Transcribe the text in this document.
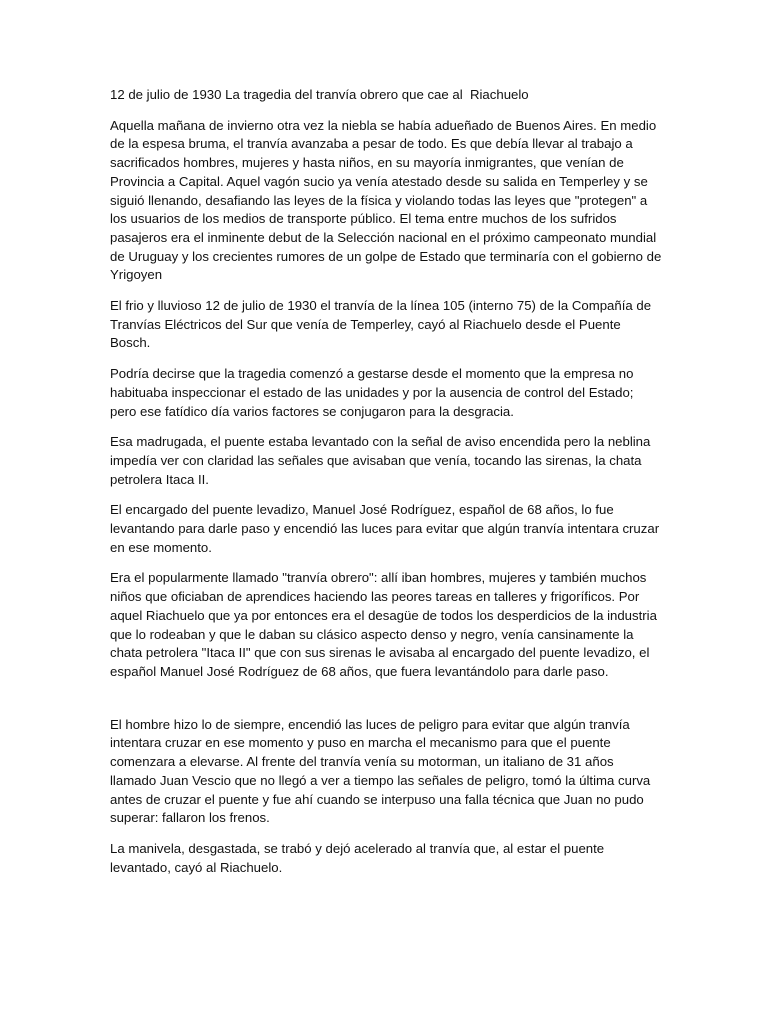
12 de julio de 1930 La tragedia del tranvía obrero que cae al  Riachuelo

Aquella mañana de invierno otra vez la niebla se había adueñado de Buenos Aires. En medio de la espesa bruma, el tranvía avanzaba a pesar de todo. Es que debía llevar al trabajo a sacrificados hombres, mujeres y hasta niños, en su mayoría inmigrantes, que venían de Provincia a Capital. Aquel vagón sucio ya venía atestado desde su salida en Temperley y se siguió llenando, desafiando las leyes de la física y violando todas las leyes que "protegen" a los usuarios de los medios de transporte público. El tema entre muchos de los sufridos pasajeros era el inminente debut de la Selección nacional en el próximo campeonato mundial de Uruguay y los crecientes rumores de un golpe de Estado que terminaría con el gobierno de Yrigoyen

El frio y lluvioso 12 de julio de 1930 el tranvía de la línea 105 (interno 75) de la Compañía de Tranvías Eléctricos del Sur que venía de Temperley, cayó al Riachuelo desde el Puente Bosch.

Podría decirse que la tragedia comenzó a gestarse desde el momento que la empresa no habituaba inspeccionar el estado de las unidades y por la ausencia de control del Estado; pero ese fatídico día varios factores se conjugaron para la desgracia.

Esa madrugada, el puente estaba levantado con la señal de aviso encendida pero la neblina impedía ver con claridad las señales que avisaban que venía, tocando las sirenas, la chata petrolera Itaca II.

El encargado del puente levadizo, Manuel José Rodríguez, español de 68 años, lo fue levantando para darle paso y encendió las luces para evitar que algún tranvía intentara cruzar en ese momento.

Era el popularmente llamado "tranvía obrero": allí iban hombres, mujeres y también muchos niños que oficiaban de aprendices haciendo las peores tareas en talleres y frigoríficos. Por aquel Riachuelo que ya por entonces era el desagüe de todos los desperdicios de la industria que lo rodeaban y que le daban su clásico aspecto denso y negro, venía cansinamente la chata petrolera "Itaca II" que con sus sirenas le avisaba al encargado del puente levadizo, el español Manuel José Rodríguez de 68 años, que fuera levantándolo para darle paso.

El hombre hizo lo de siempre, encendió las luces de peligro para evitar que algún tranvía intentara cruzar en ese momento y puso en marcha el mecanismo para que el puente comenzara a elevarse. Al frente del tranvía venía su motorman, un italiano de 31 años llamado Juan Vescio que no llegó a ver a tiempo las señales de peligro, tomó la última curva antes de cruzar el puente y fue ahí cuando se interpuso una falla técnica que Juan no pudo superar: fallaron los frenos.

La manivela, desgastada, se trabó y dejó acelerado al tranvía que, al estar el puente levantado, cayó al Riachuelo.
